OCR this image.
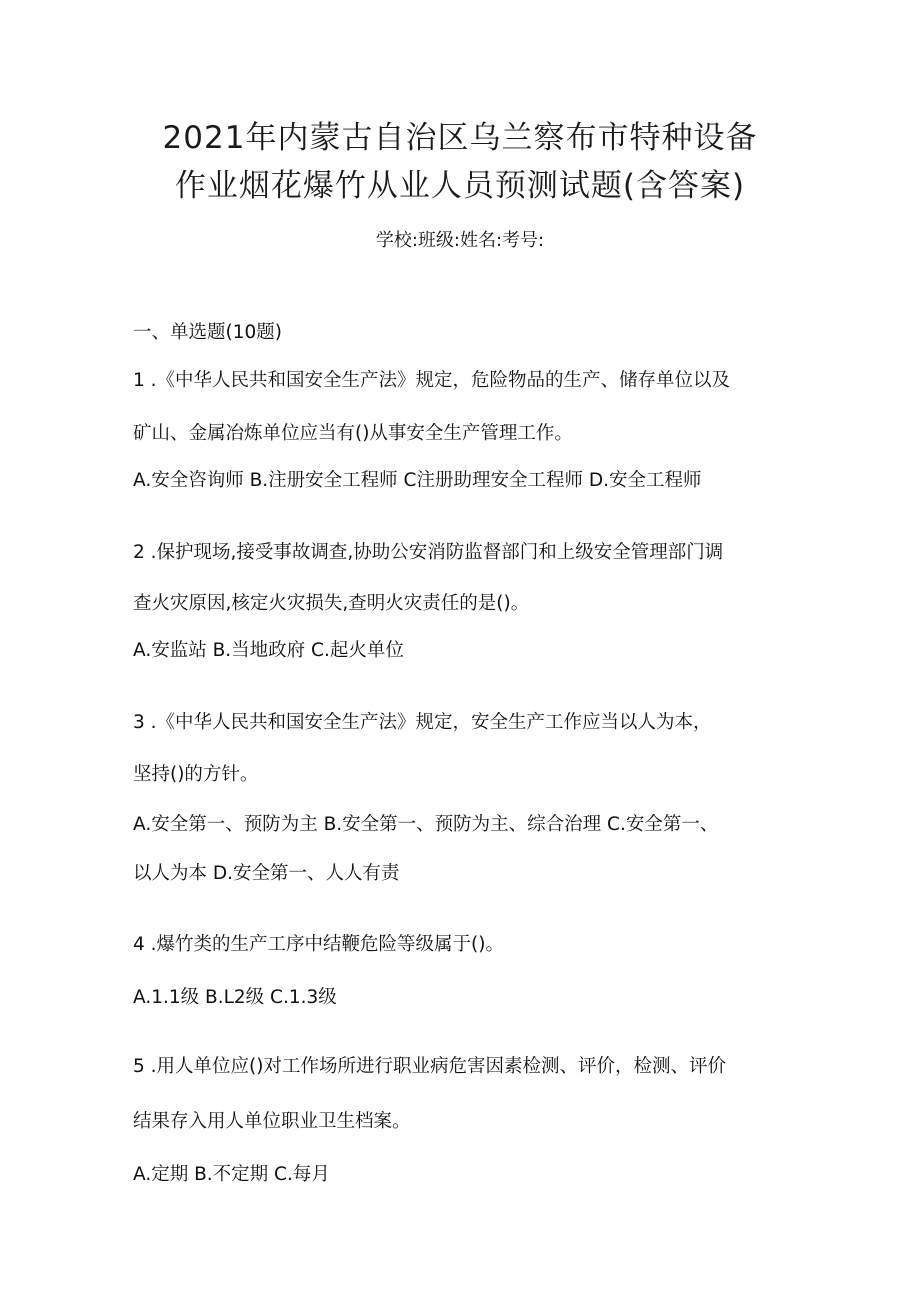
2021年内蒙古自治区乌兰察布市特种设备
作业烟花爆竹从业人员预测试题(含答案)
学校:班级:姓名:考号:
一、单选题(10题)
1 .《中华人民共和国安全生产法》规定，危险物品的生产、储存单位以及
矿山、金属冶炼单位应当有()从事安全生产管理工作。
A.安全咨询师 B.注册安全工程师 C注册助理安全工程师 D.安全工程师
2 .保护现场,接受事故调查,协助公安消防监督部门和上级安全管理部门调
查火灾原因,核定火灾损失,查明火灾责任的是()。
A.安监站 B.当地政府 C.起火单位
3 .《中华人民共和国安全生产法》规定，安全生产工作应当以人为本，
坚持()的方针。
A.安全第一、预防为主 B.安全第一、预防为主、综合治理 C.安全第一、
以人为本 D.安全第一、人人有责
4 .爆竹类的生产工序中结鞭危险等级属于()。
A.1.1级 B.L2级 C.1.3级
5 .用人单位应()对工作场所进行职业病危害因素检测、评价，检测、评价
结果存入用人单位职业卫生档案。
A.定期 B.不定期 C.每月
